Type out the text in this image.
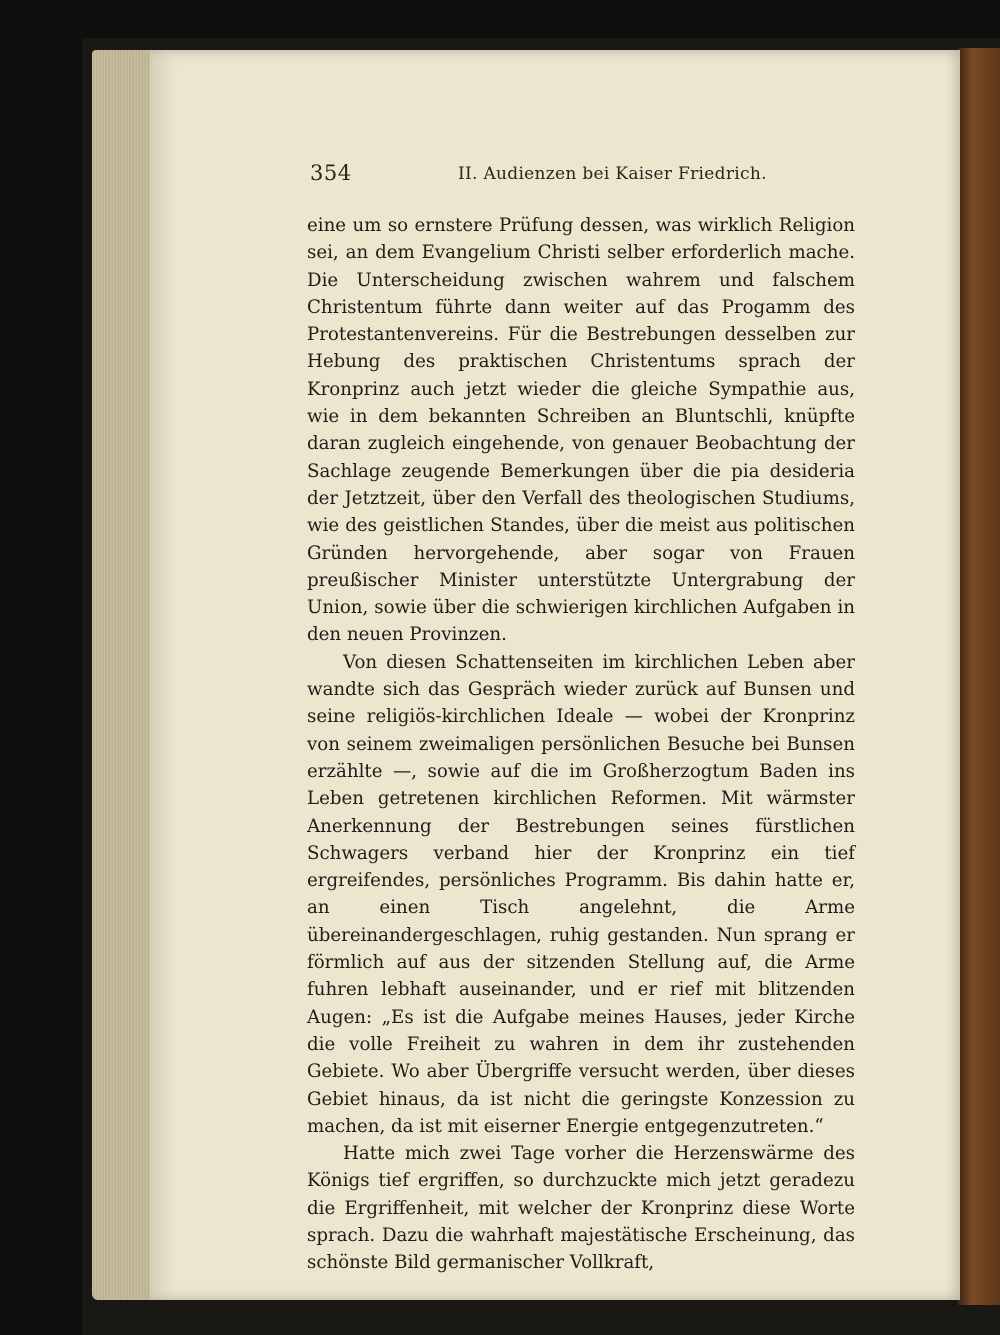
354	II. Audienzen bei Kaiser Friedrich.

eine um so ernstere Prüfung dessen, was wirklich Religion sei, an dem Evangelium Christi selber erforderlich mache. Die Unterscheidung zwischen wahrem und falschem Christentum führte dann weiter auf das Progamm des Protestantenvereins. Für die Bestrebungen desselben zur Hebung des praktischen Christentums sprach der Kronprinz auch jetzt wieder die gleiche Sympathie aus, wie in dem bekannten Schreiben an Bluntschli, knüpfte daran zugleich eingehende, von genauer Beobachtung der Sachlage zeugende Bemerkungen über die pia desideria der Jetztzeit, über den Verfall des theologischen Studiums, wie des geistlichen Standes, über die meist aus politischen Gründen hervorgehende, aber sogar von Frauen preußischer Minister unterstützte Untergrabung der Union, sowie über die schwierigen kirchlichen Aufgaben in den neuen Provinzen.

Von diesen Schattenseiten im kirchlichen Leben aber wandte sich das Gespräch wieder zurück auf Bunsen und seine religiös-kirchlichen Ideale — wobei der Kronprinz von seinem zweimaligen persönlichen Besuche bei Bunsen erzählte —, sowie auf die im Großherzogtum Baden ins Leben getretenen kirchlichen Reformen. Mit wärmster Anerkennung der Bestrebungen seines fürstlichen Schwagers verband hier der Kronprinz ein tief ergreifendes, persönliches Programm. Bis dahin hatte er, an einen Tisch angelehnt, die Arme übereinandergeschlagen, ruhig gestanden. Nun sprang er förmlich auf aus der sitzenden Stellung auf, die Arme fuhren lebhaft auseinander, und er rief mit blitzenden Augen: „Es ist die Aufgabe meines Hauses, jeder Kirche die volle Freiheit zu wahren in dem ihr zustehenden Gebiete. Wo aber Übergriffe versucht werden, über dieses Gebiet hinaus, da ist nicht die geringste Konzession zu machen, da ist mit eiserner Energie entgegenzutreten.“

Hatte mich zwei Tage vorher die Herzenswärme des Königs tief ergriffen, so durchzuckte mich jetzt geradezu die Ergriffenheit, mit welcher der Kronprinz diese Worte sprach. Dazu die wahrhaft majestätische Erscheinung, das schönste Bild germanischer Vollkraft,
